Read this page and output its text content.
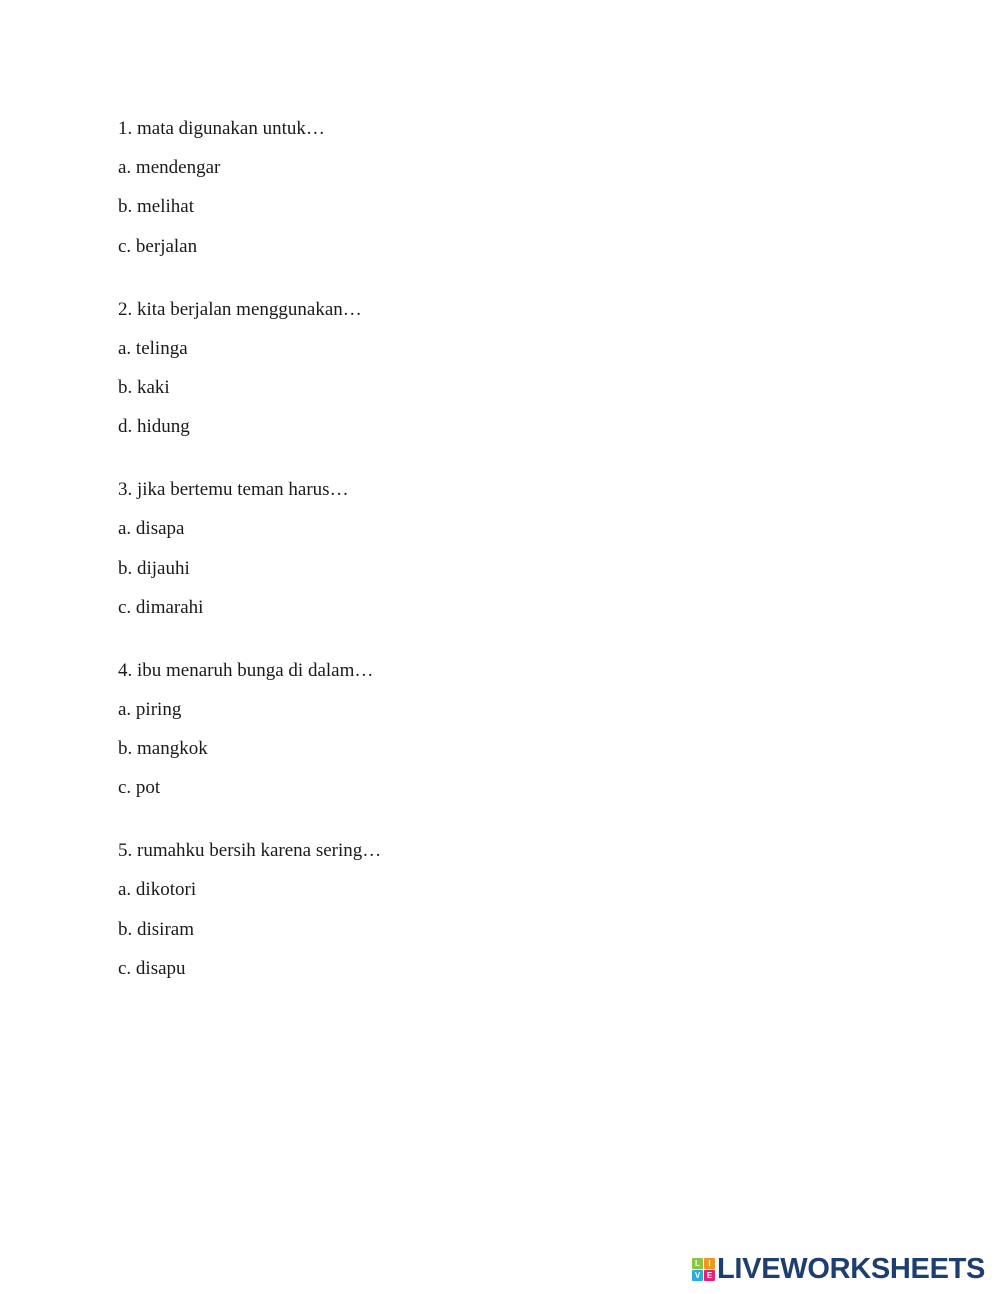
1. mata digunakan untuk…
a. mendengar
b. melihat
c. berjalan
2. kita berjalan menggunakan…
a. telinga
b. kaki
d. hidung
3. jika bertemu teman harus…
a. disapa
b. dijauhi
c. dimarahi
4. ibu menaruh bunga di dalam…
a. piring
b. mangkok
c. pot
5. rumahku bersih karena sering…
a. dikotori
b. disiram
c. disapu
L	I
V E LIVEWORKSHEETS
